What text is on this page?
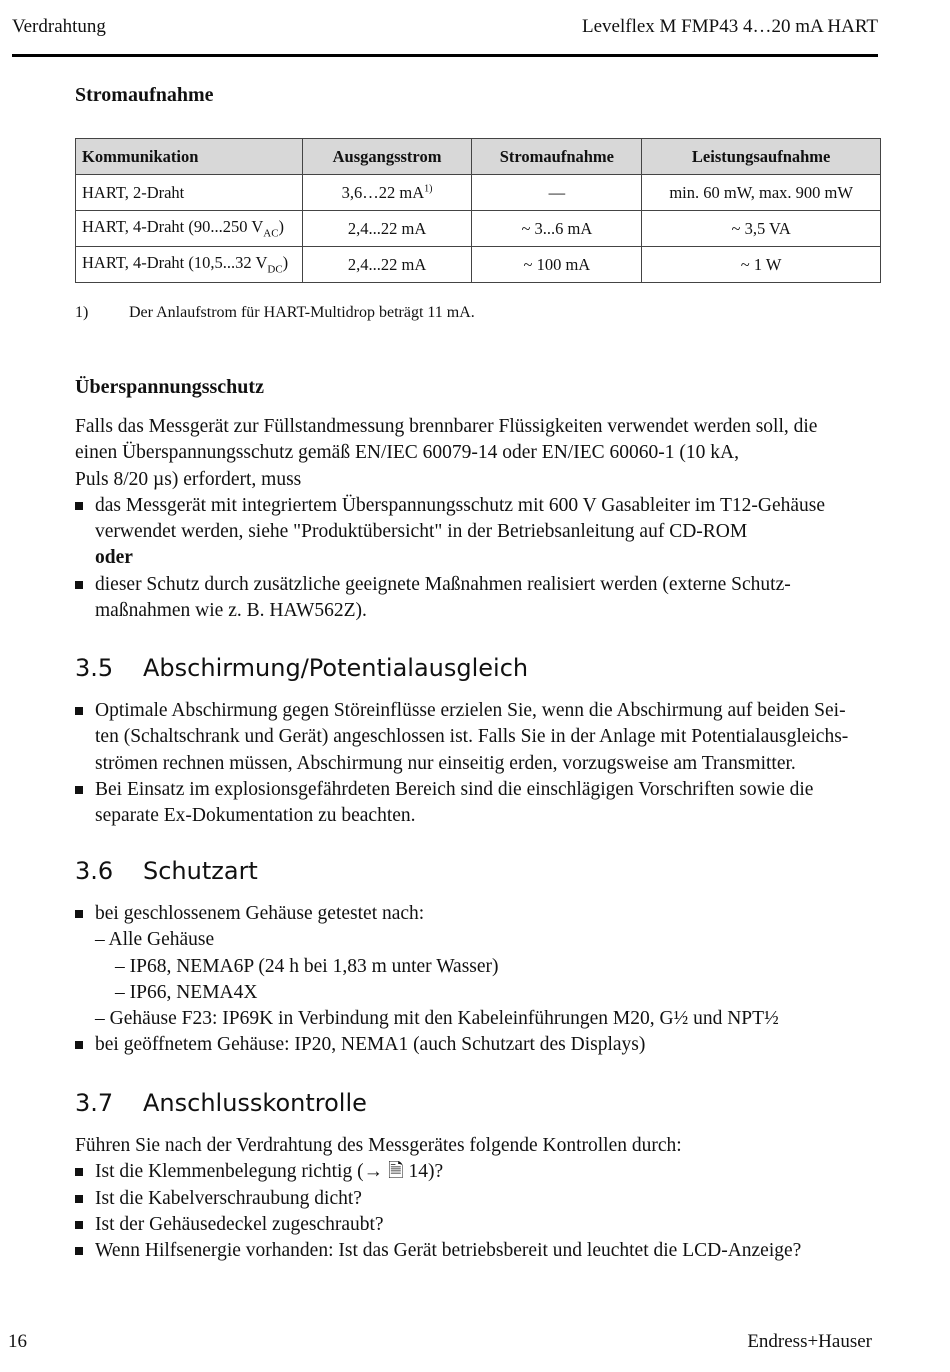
Verdrahtung	Levelflex M FMP43 4…20 mA HART
Stromaufnahme
Kommunikation	Ausgangsstrom	Stromaufnahme	Leistungsaufnahme
HART, 2-Draht	3,6…22 $mA^{1)}$	—	min. 60 mW, max. 900 mW
HART, 4-Draht (90...250 $V_{AC}$)	2,4...22 mA	~ 3...6 mA	~ 3,5 VA
HART, 4-Draht (10,5...32 $V_{DC}$)	2,4...22 mA	~ 100 mA	~ 1 W
1)	Der Anlaufstrom für HART-Multidrop beträgt 11 mA.
Überspannungsschutz
Falls das Messgerät zur Füllstandmessung brennbarer Flüssigkeiten verwendet werden soll, die
einen Überspannungsschutz gemäß EN/IEC 60079-14 oder EN/IEC 60060-1 (10 kA,
Puls 8/20 µs) erfordert, muss
das Messgerät mit integriertem Überspannungsschutz mit 600 V Gasableiter im T12-Gehäuse
verwendet werden, siehe "Produktübersicht" in der Betriebsanleitung auf CD-ROM
oder
dieser Schutz durch zusätzliche geeignete Maßnahmen realisiert werden (externe Schutz-
maßnahmen wie z. B. HAW562Z).
3.5 Abschirmung/Potentialausgleich
Optimale Abschirmung gegen Störeinflüsse erzielen Sie, wenn die Abschirmung auf beiden Sei-
ten (Schaltschrank und Gerät) angeschlossen ist. Falls Sie in der Anlage mit Potentialausgleichs-
strömen rechnen müssen, Abschirmung nur einseitig erden, vorzugsweise am Transmitter.
Bei Einsatz im explosionsgefährdeten Bereich sind die einschlägigen Vorschriften sowie die
separate Ex-Dokumentation zu beachten.
3.6 Schutzart
bei geschlossenem Gehäuse getestet nach:
– Alle Gehäuse
– IP68, NEMA6P (24 h bei 1,83 m unter Wasser)
– IP66, NEMA4X
– Gehäuse F23: IP69K in Verbindung mit den Kabeleinführungen M20, G½ und NPT½
bei geöffnetem Gehäuse: IP20, NEMA1 (auch Schutzart des Displays)
3.7 Anschlusskontrolle
Führen Sie nach der Verdrahtung des Messgerätes folgende Kontrollen durch:
Ist die Klemmenbelegung richtig (→ 🗎 14)?
Ist die Kabelverschraubung dicht?
Ist der Gehäusedeckel zugeschraubt?
Wenn Hilfsenergie vorhanden: Ist das Gerät betriebsbereit und leuchtet die LCD-Anzeige?
16	Endress+Hauser
